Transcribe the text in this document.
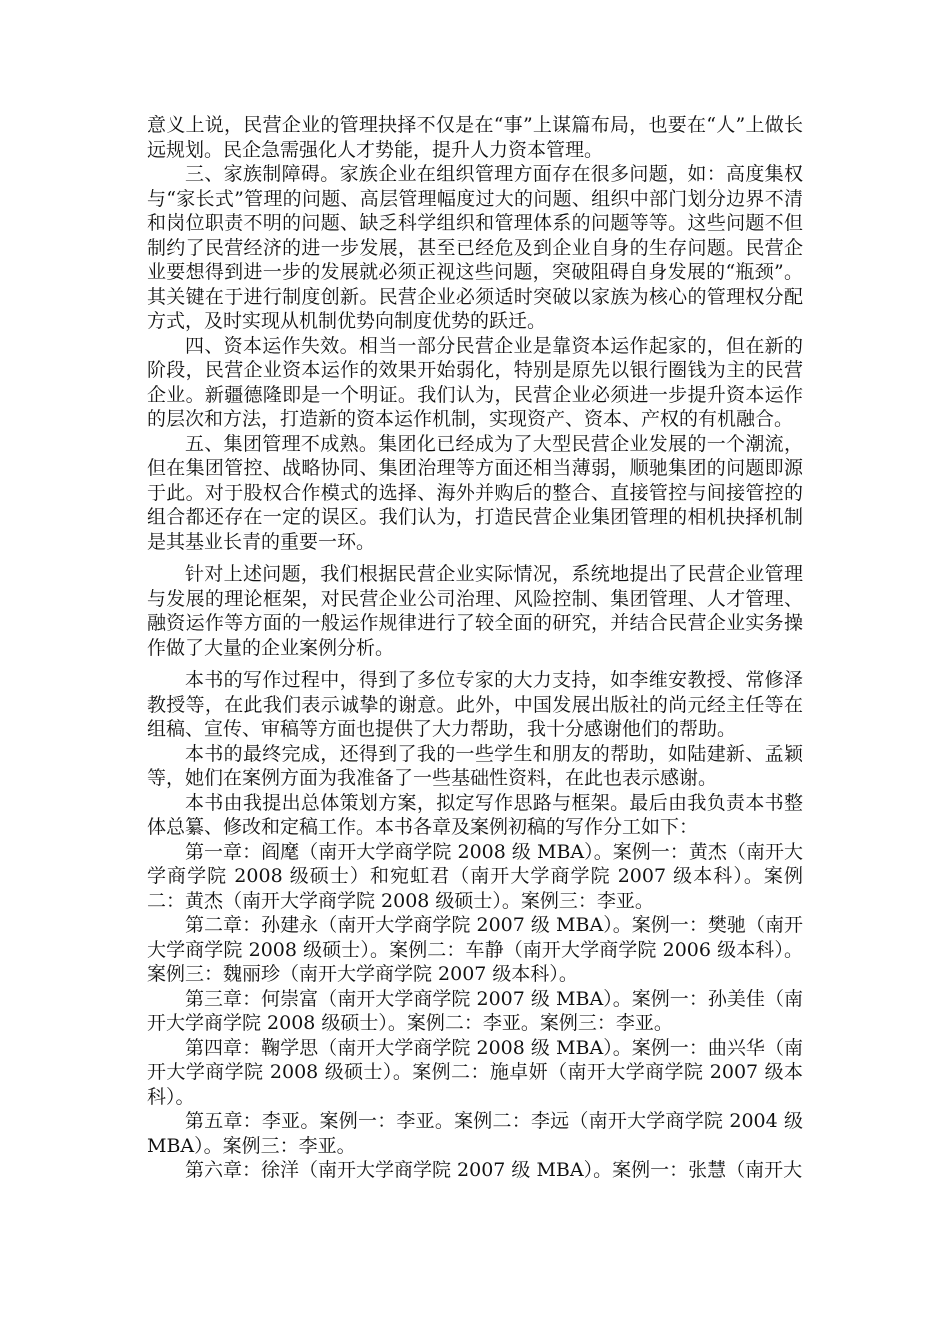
意义上说，民营企业的管理抉择不仅是在“事”上谋篇布局，也要在“人”上做长远规划。民企急需强化人才势能，提升人力资本管理。

三、家族制障碍。家族企业在组织管理方面存在很多问题，如：高度集权与“家长式”管理的问题、高层管理幅度过大的问题、组织中部门划分边界不清和岗位职责不明的问题、缺乏科学组织和管理体系的问题等等。这些问题不但制约了民营经济的进一步发展，甚至已经危及到企业自身的生存问题。民营企业要想得到进一步的发展就必须正视这些问题，突破阻碍自身发展的“瓶颈”。其关键在于进行制度创新。民营企业必须适时突破以家族为核心的管理权分配方式，及时实现从机制优势向制度优势的跃迁。

四、资本运作失效。相当一部分民营企业是靠资本运作起家的，但在新的阶段，民营企业资本运作的效果开始弱化，特别是原先以银行圈钱为主的民营企业。新疆德隆即是一个明证。我们认为，民营企业必须进一步提升资本运作的层次和方法，打造新的资本运作机制，实现资产、资本、产权的有机融合。

五、集团管理不成熟。集团化已经成为了大型民营企业发展的一个潮流，但在集团管控、战略协同、集团治理等方面还相当薄弱，顺驰集团的问题即源于此。对于股权合作模式的选择、海外并购后的整合、直接管控与间接管控的组合都还存在一定的误区。我们认为，打造民营企业集团管理的相机抉择机制是其基业长青的重要一环。

针对上述问题，我们根据民营企业实际情况，系统地提出了民营企业管理与发展的理论框架，对民营企业公司治理、风险控制、集团管理、人才管理、融资运作等方面的一般运作规律进行了较全面的研究，并结合民营企业实务操作做了大量的企业案例分析。

本书的写作过程中，得到了多位专家的大力支持，如李维安教授、常修泽教授等，在此我们表示诚挚的谢意。此外，中国发展出版社的尚元经主任等在组稿、宣传、审稿等方面也提供了大力帮助，我十分感谢他们的帮助。

本书的最终完成，还得到了我的一些学生和朋友的帮助，如陆建新、孟颖等，她们在案例方面为我准备了一些基础性资料，在此也表示感谢。

本书由我提出总体策划方案，拟定写作思路与框架。最后由我负责本书整体总纂、修改和定稿工作。本书各章及案例初稿的写作分工如下：

第一章：阎麾（南开大学商学院 2008 级 MBA）。案例一：黄杰（南开大学商学院 2008 级硕士）和宛虹君（南开大学商学院 2007 级本科）。案例二：黄杰（南开大学商学院 2008 级硕士）。案例三：李亚。

第二章：孙建永（南开大学商学院 2007 级 MBA）。案例一：樊驰（南开大学商学院 2008 级硕士）。案例二：车静（南开大学商学院 2006 级本科）。案例三：魏丽珍（南开大学商学院 2007 级本科）。

第三章：何崇富（南开大学商学院 2007 级 MBA）。案例一：孙美佳（南开大学商学院 2008 级硕士）。案例二：李亚。案例三：李亚。

第四章：鞠学思（南开大学商学院 2008 级 MBA）。案例一：曲兴华（南开大学商学院 2008 级硕士）。案例二：施卓妍（南开大学商学院 2007 级本科）。

第五章：李亚。案例一：李亚。案例二：李远（南开大学商学院 2004 级 MBA）。案例三：李亚。

第六章：徐洋（南开大学商学院 2007 级 MBA）。案例一：张慧（南开大
